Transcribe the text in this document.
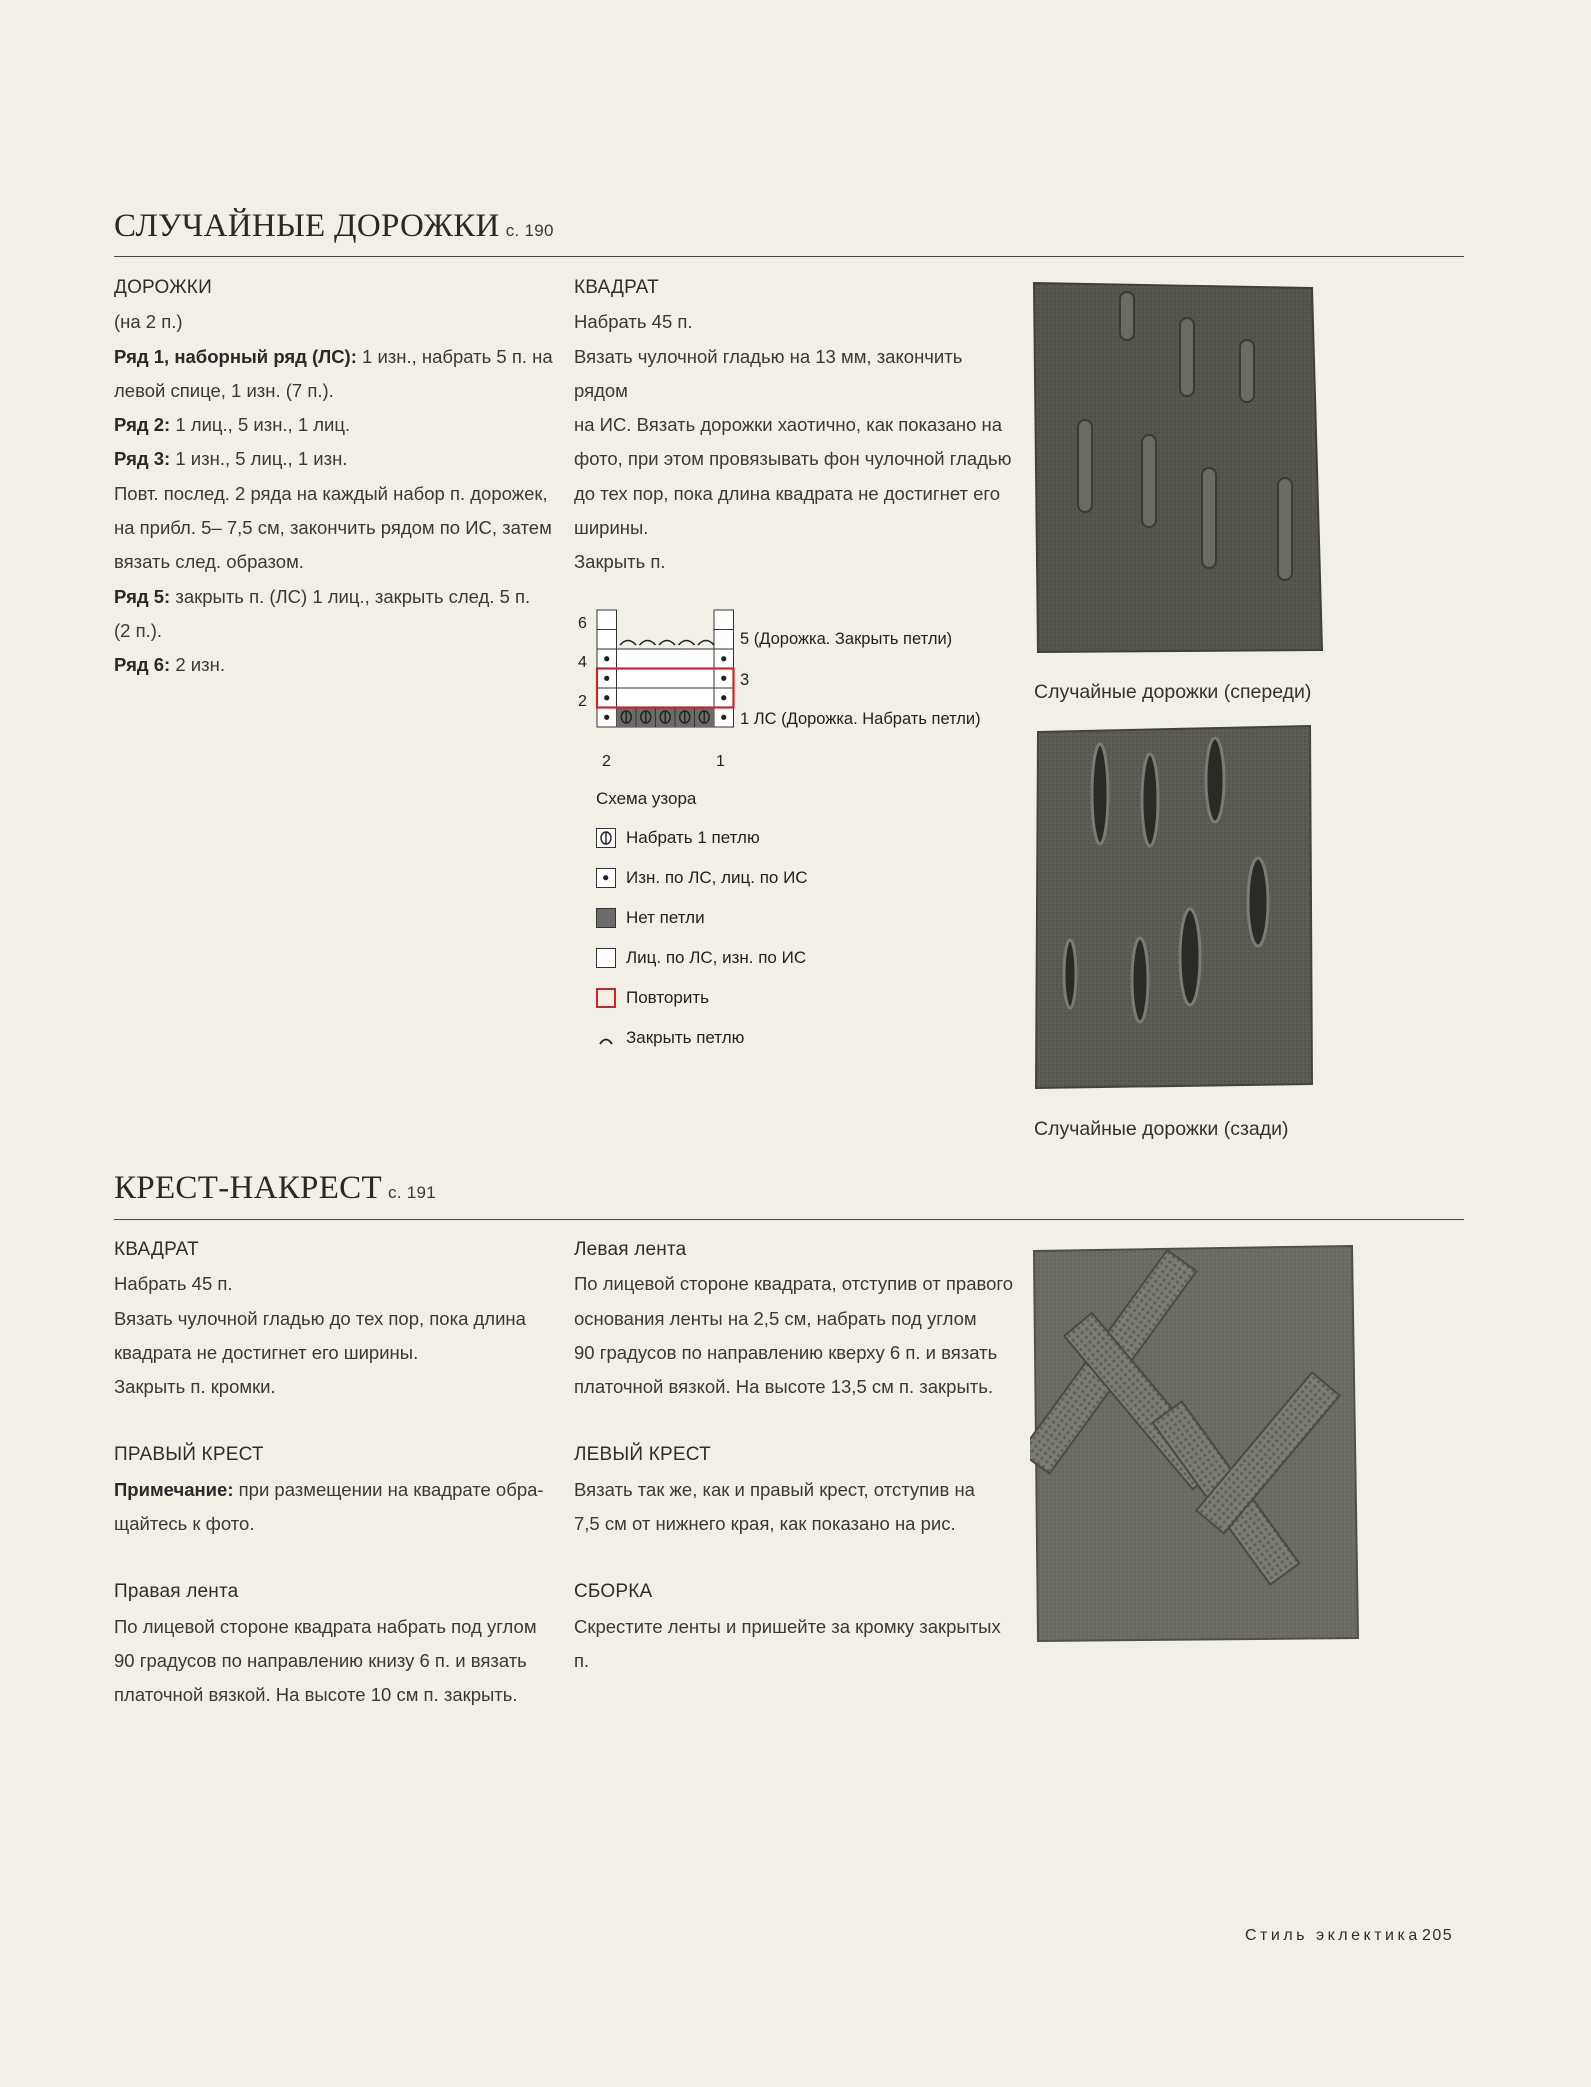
СЛУЧАЙНЫЕ ДОРОЖКИ с. 190

ДОРОЖКИ

(на 2 п.)

Ряд 1, наборный ряд (ЛС): 1 изн., набрать 5 п. на

левой спице, 1 изн. (7 п.).

Ряд 2: 1 лиц., 5 изн., 1 лиц.

Ряд 3: 1 изн., 5 лиц., 1 изн.

Повт. послед. 2 ряда на каждый набор п. дорожек,

на прибл. 5– 7,5 см, закончить рядом по ИС, затем

вязать след. образом.

Ряд 5: закрыть п. (ЛС) 1 лиц., закрыть след. 5 п.

(2 п.).

Ряд 6: 2 изн.

КВАДРАТ

Набрать 45 п.

Вязать чулочной гладью на 13 мм, закончить рядом

на ИС. Вязать дорожки хаотично, как показано на

фото, при этом провязывать фон чулочной гладью

до тех пор, пока длина квадрата не достигнет его

ширины.

Закрыть п.

6
4
2
2	1
5 (Дорожка. Закрыть петли)
3
1 ЛС (Дорожка. Набрать петли)
Схема узора
Набрать 1 петлю
Изн. по ЛС, лиц. по ИС
Нет петли
Лиц. по ЛС, изн. по ИС
Повторить
Закрыть петлю
Случайные дорожки (спереди)
Случайные дорожки (сзади)
КРЕСТ-НАКРЕСТ с. 191

КВАДРАТ

Набрать 45 п.

Вязать чулочной гладью до тех пор, пока длина

квадрата не достигнет его ширины.

Закрыть п. кромки.

ПРАВЫЙ КРЕСТ

Примечание: при размещении на квадрате обра-

щайтесь к фото.

Правая лента

По лицевой стороне квадрата набрать под углом

90 градусов по направлению книзу 6 п. и вязать

платочной вязкой. На высоте 10 см п. закрыть.

Левая лента

По лицевой стороне квадрата, отступив от правого

основания ленты на 2,5 см, набрать под углом

90 градусов по направлению кверху 6 п. и вязать

платочной вязкой. На высоте 13,5 см п. закрыть.

ЛЕВЫЙ КРЕСТ

Вязать так же, как и правый крест, отступив на

7,5 см от нижнего края, как показано на рис.

СБОРКА

Скрестите ленты и пришейте за кромку закрытых п.

Стиль эклектика 205
